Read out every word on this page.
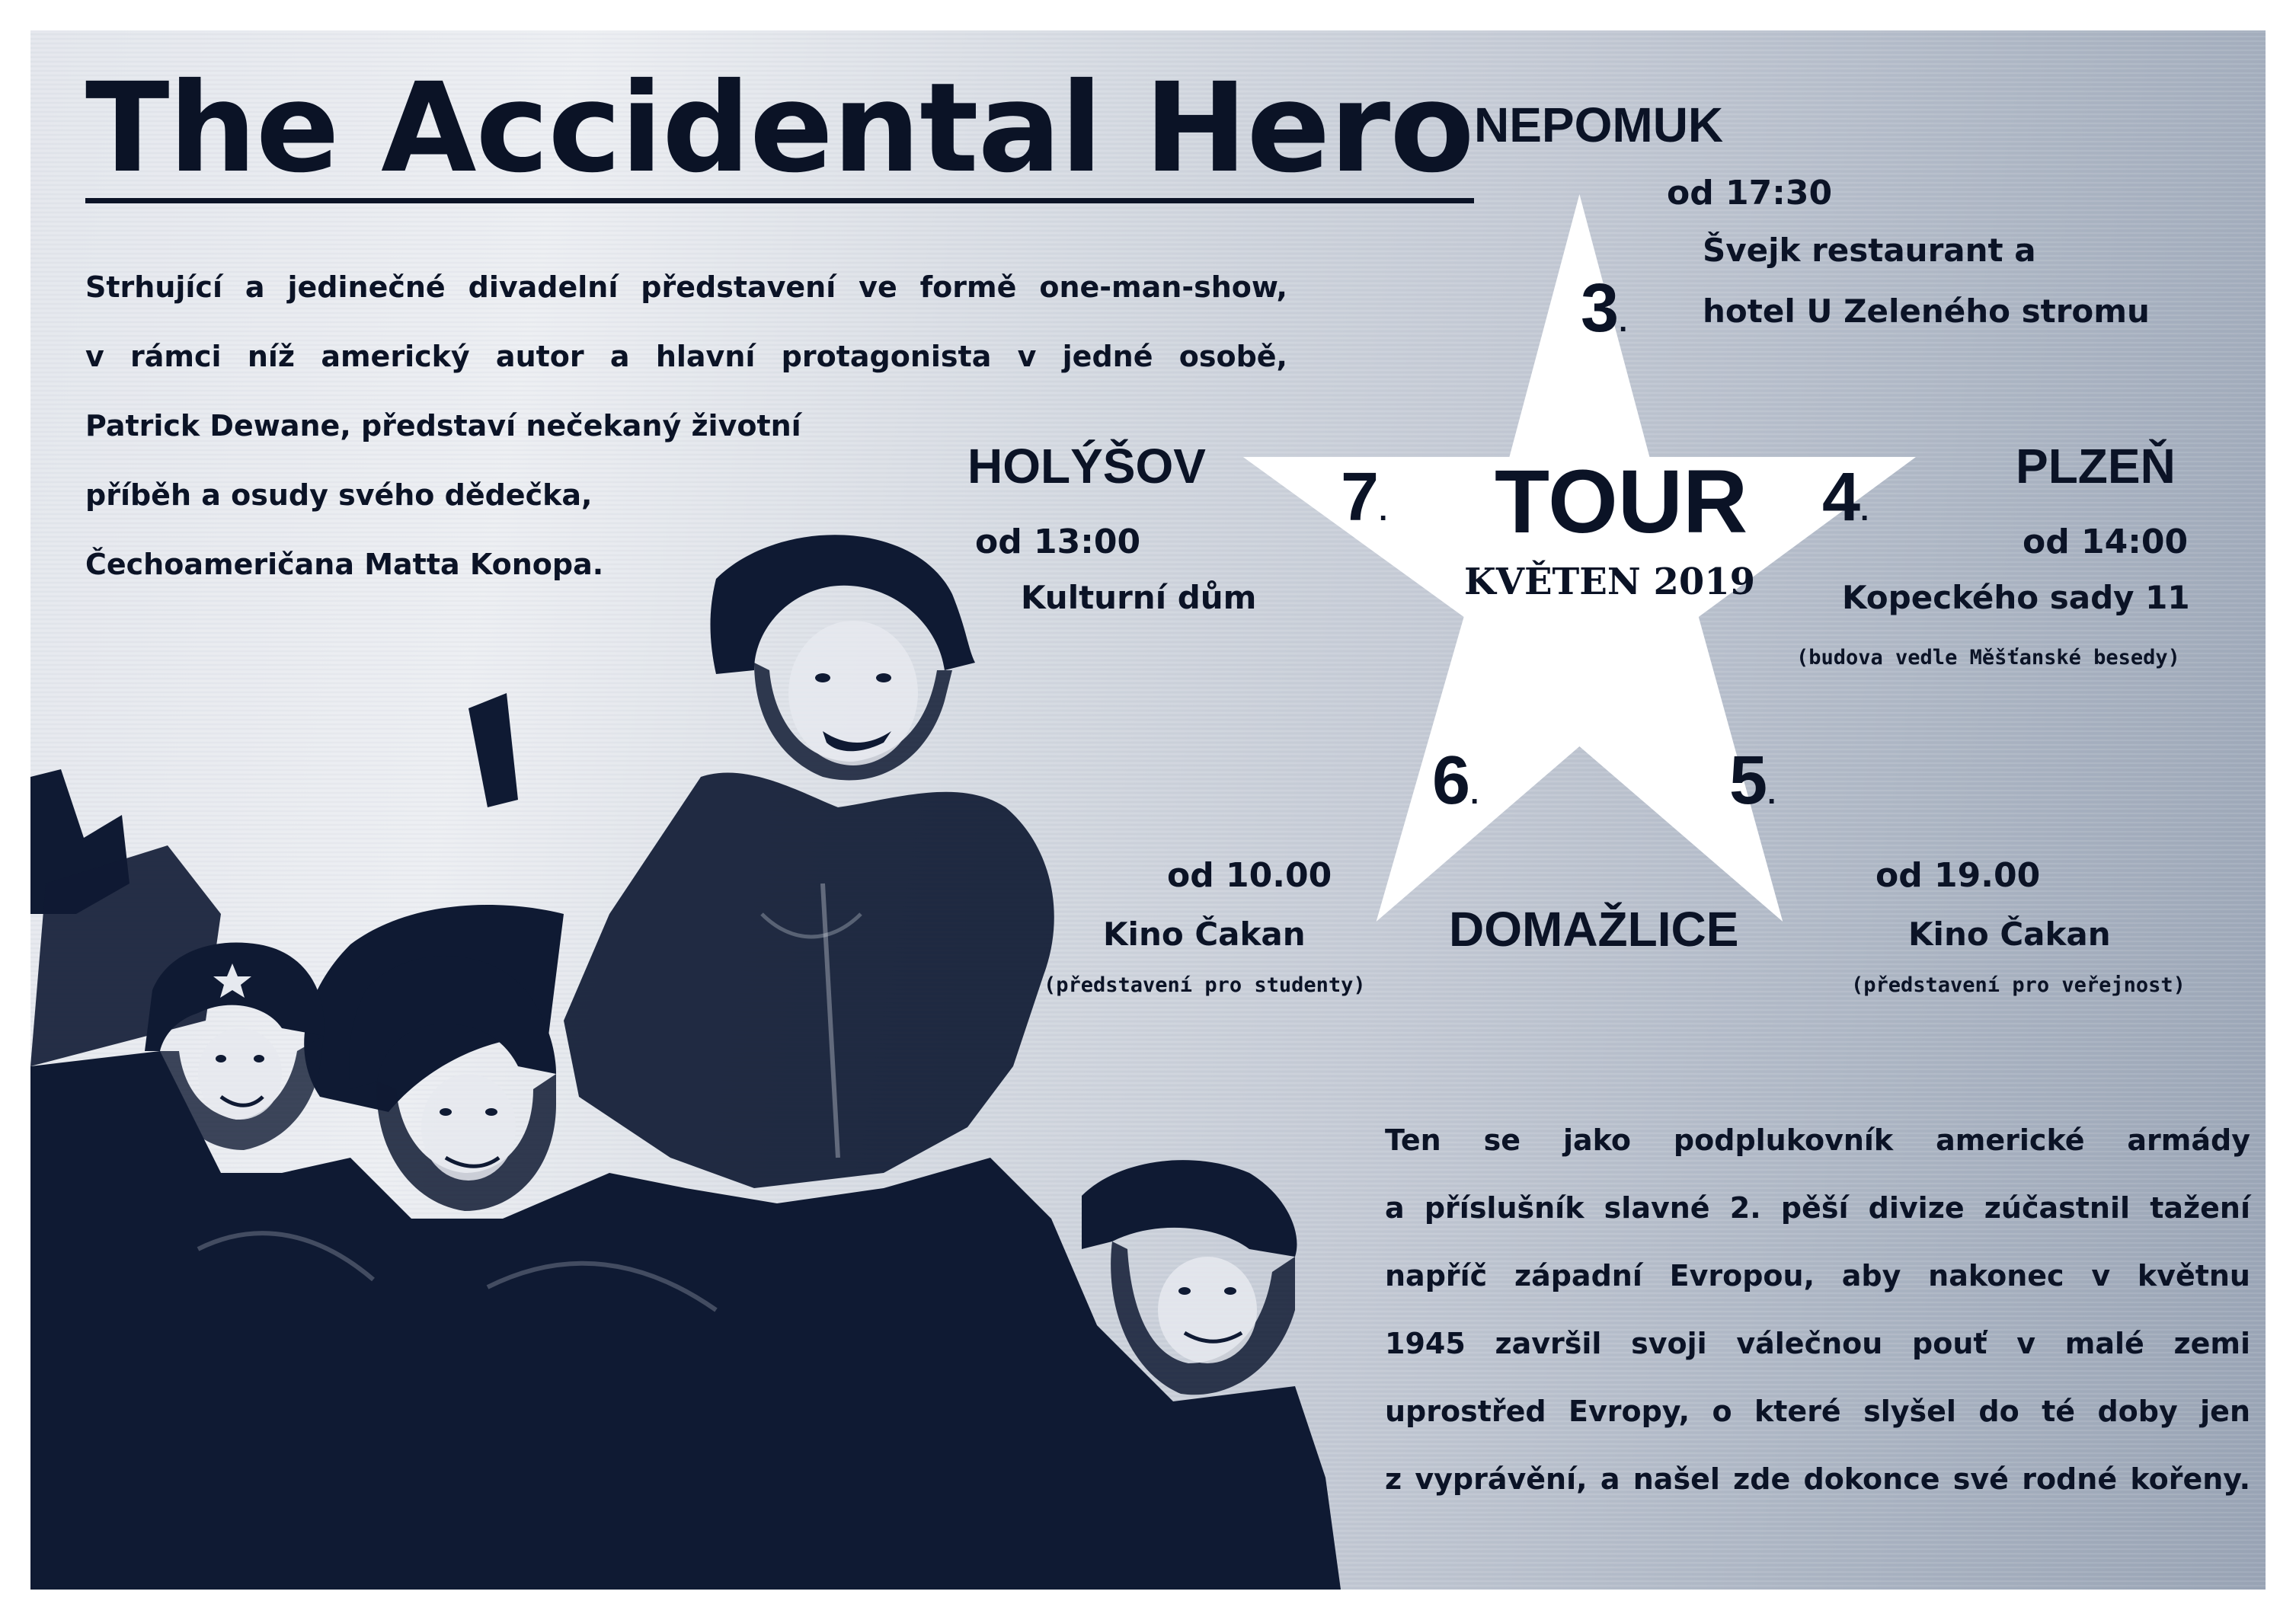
The Accidental Hero
Strhující a jedinečné divadelní představení ve formě one-man-show,
v rámci níž americký autor a hlavní protagonista v jedné osobě,
Patrick Dewane, představí nečekaný životní
příběh a osudy svého dědečka,
Čechoameričana Matta Konopa.
TOUR
KVĚTEN 2019
3.
4.
5.
6.
7.
NEPOMUK
od 17:30
Švejk restaurant a
hotel U Zeleného stromu
PLZEŇ
od 14:00
Kopeckého sady 11
(budova vedle Měšťanské besedy)
HOLÝŠOV
od 13:00
Kulturní dům
DOMAŽLICE
od 10.00
Kino Čakan
(představení pro studenty)
od 19.00
Kino Čakan
(představení pro veřejnost)
Ten se jako podplukovník americké armády
a příslušník slavné 2. pěší divize zúčastnil tažení
napříč západní Evropou, aby nakonec v květnu
1945 završil svoji válečnou pouť v malé zemi
uprostřed Evropy, o které slyšel do té doby jen
z vyprávění, a našel zde dokonce své rodné kořeny.
